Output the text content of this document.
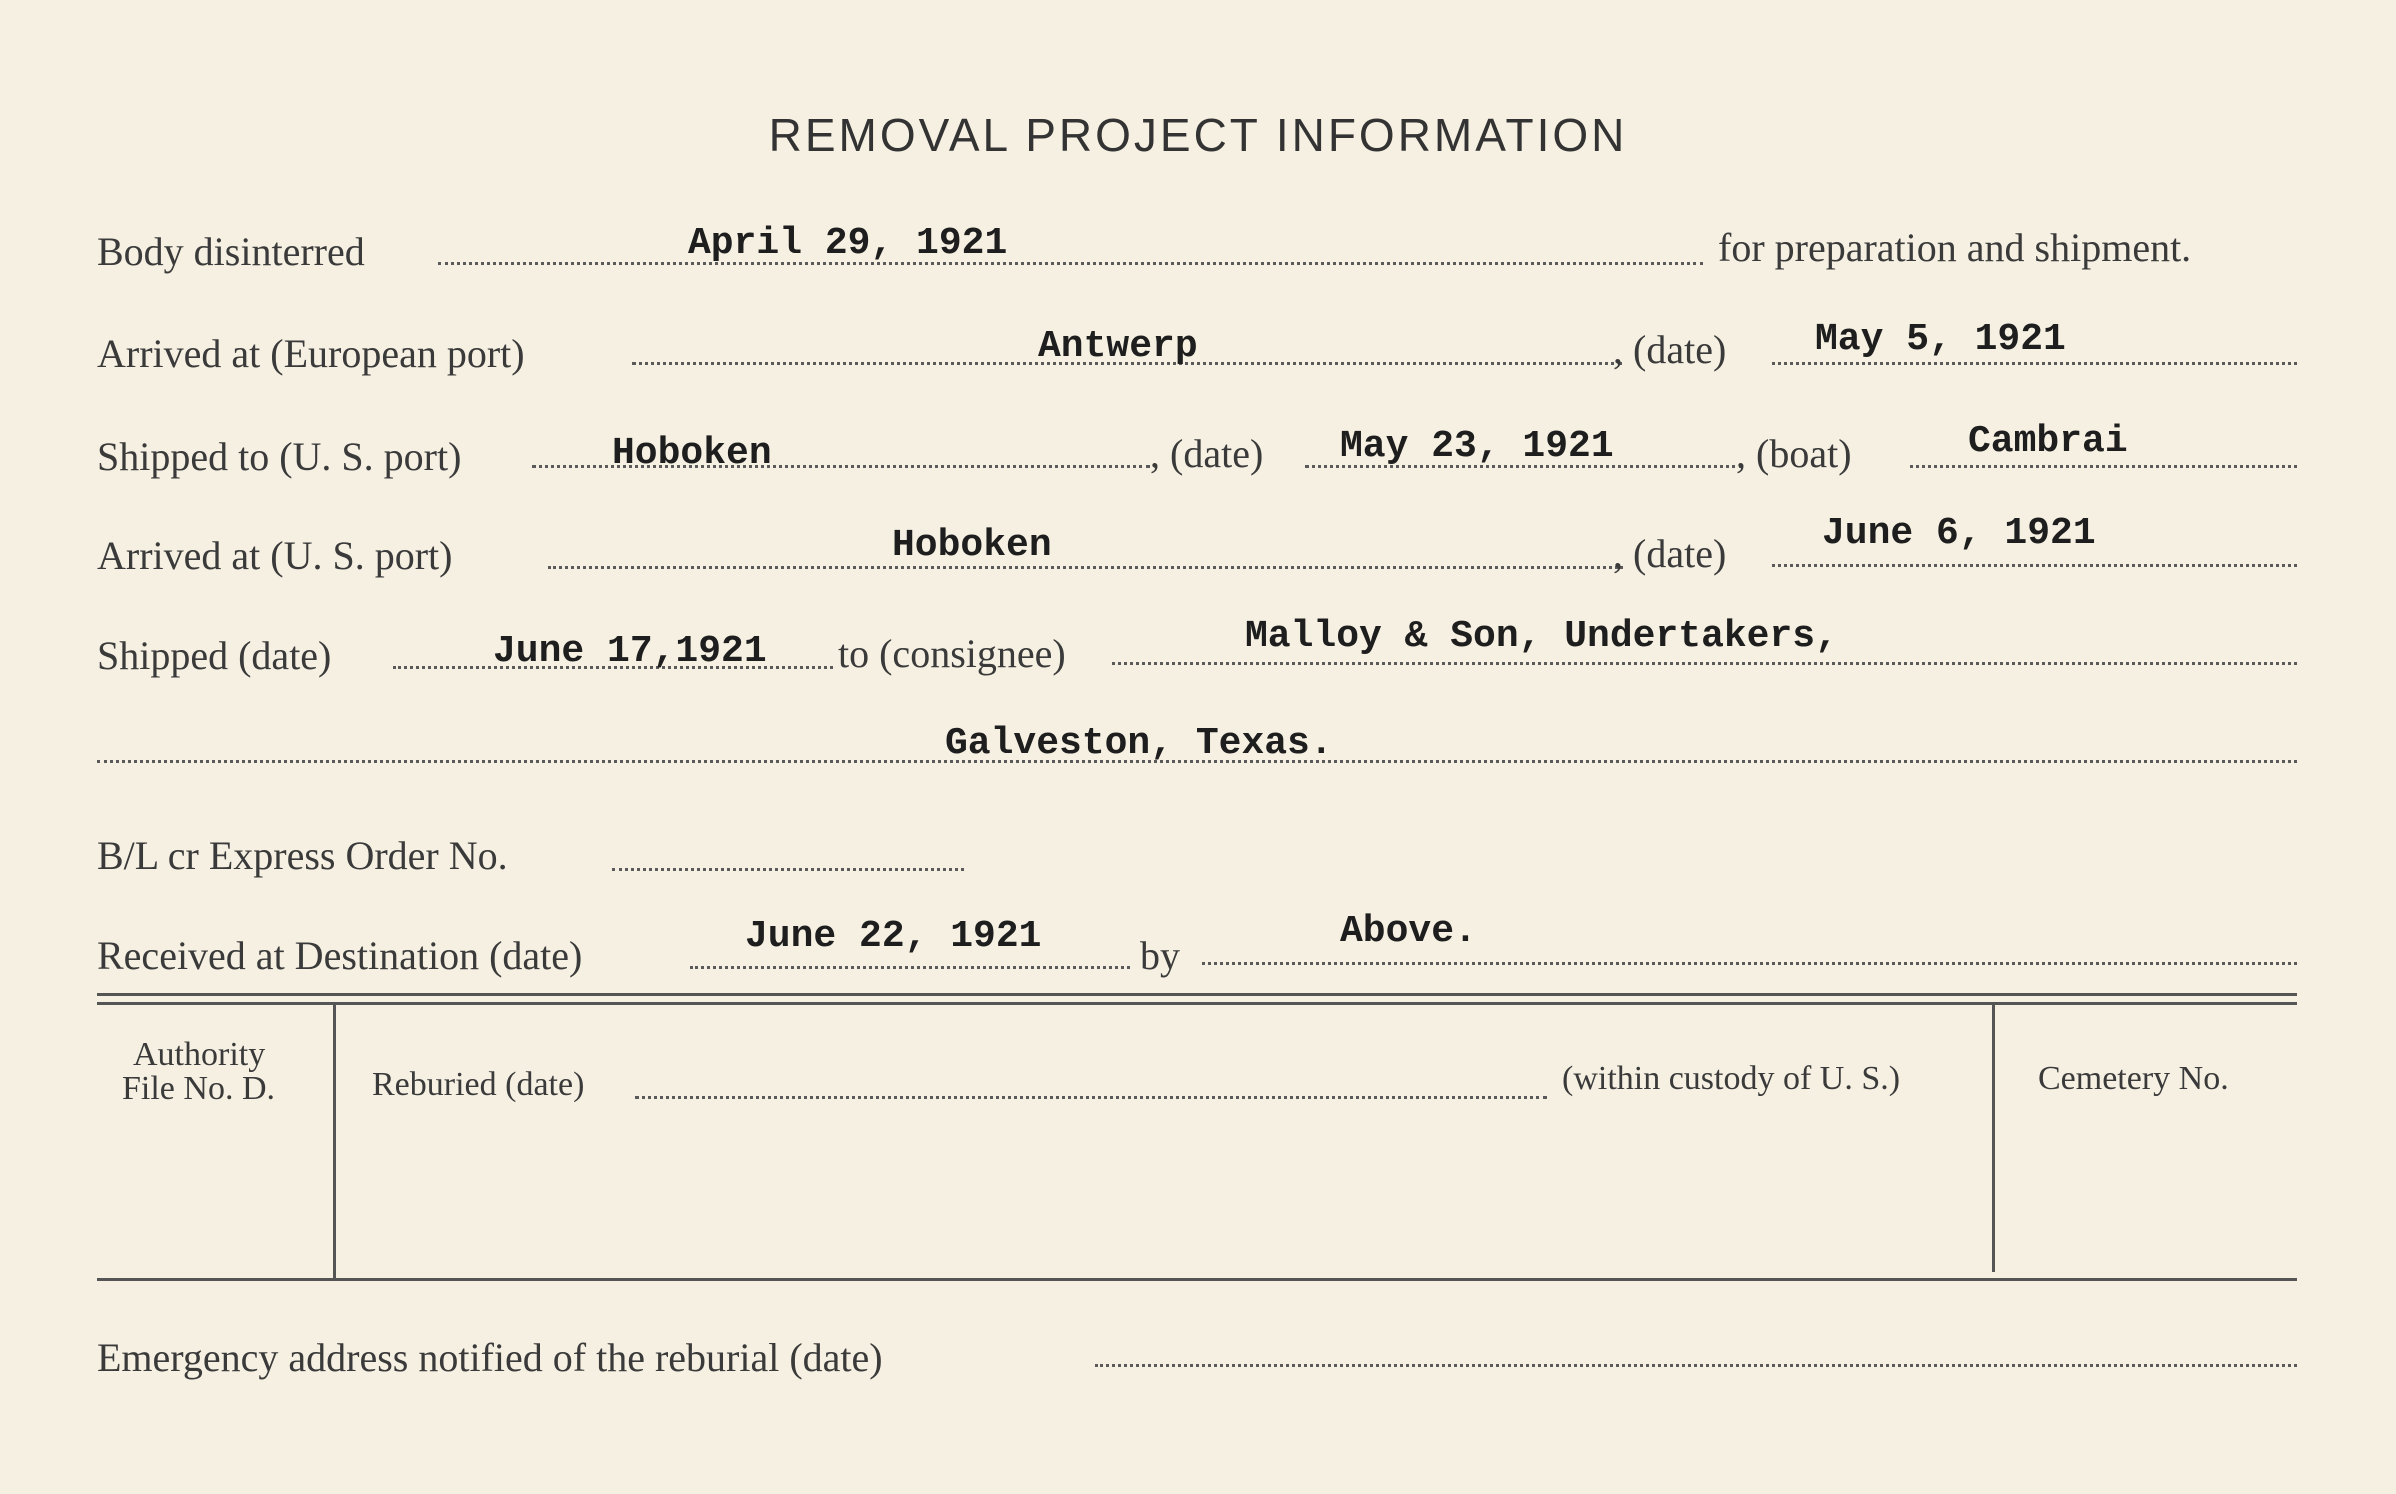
REMOVAL PROJECT INFORMATION
Body disinterred	April 29, 1921	for preparation and shipment.
Arrived at (European port)	Antwerp	, (date) May 5, 1921
Shipped to (U. S. port)	Hoboken	, (date) May 23, 1921	, (boat)	Cambrai
Arrived at (U. S. port)	Hoboken	, (date)	June 6, 1921
Shipped (date)	June 17,1921 to (consignee)	Malloy & Son, Undertakers,
Galveston, Texas.
B/L cr Express Order No.
Received at Destination (date)	June 22, 1921 by
Above.
Authority
File No. D.	Reburied (date)	(within custody of U. S.)	Cemetery No.
Emergency address notified of the reburial (date)
